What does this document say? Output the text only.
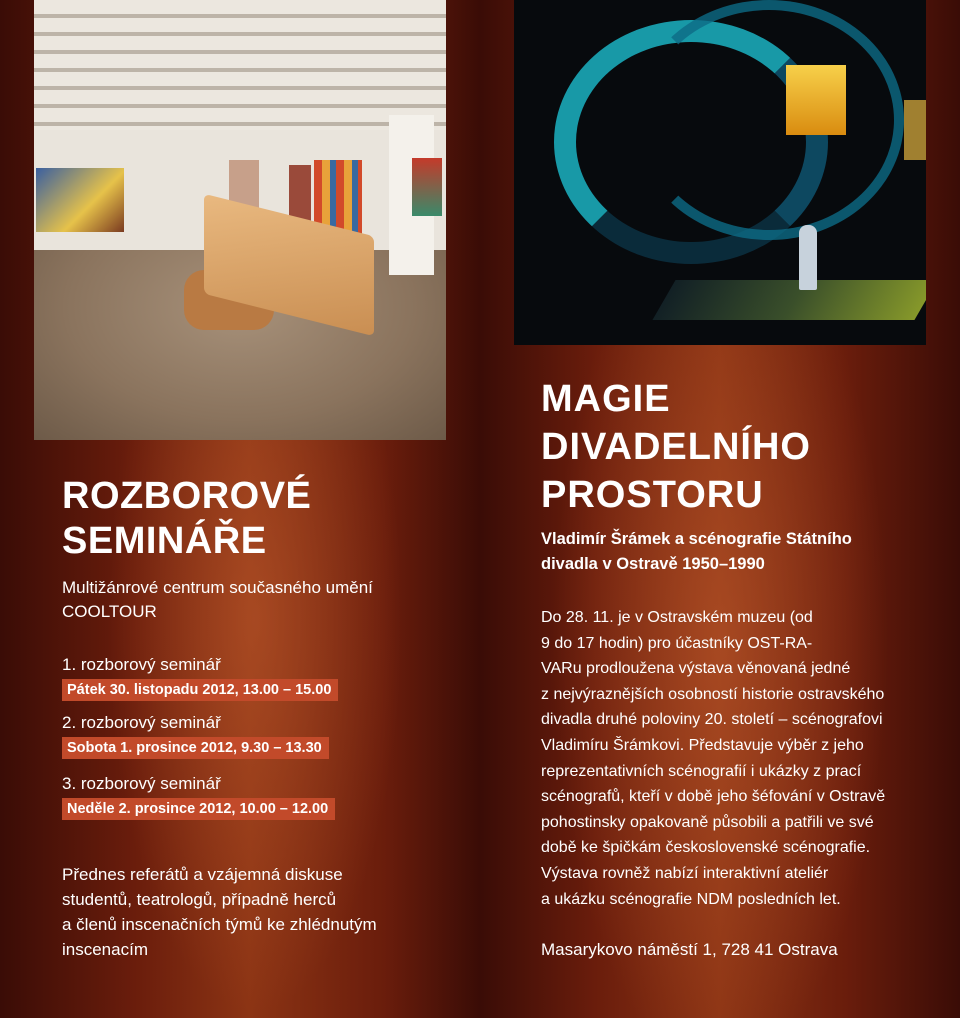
ROZBOROVÉ
SEMINÁŘE
Multižánrové centrum současného umění
COOLTOUR
1. rozborový seminář
Pátek 30. listopadu 2012, 13.00 – 15.00
2. rozborový seminář
Sobota 1. prosince 2012, 9.30 – 13.30
3. rozborový seminář
Neděle 2. prosince 2012, 10.00 – 12.00
Přednes referátů a vzájemná diskuse
studentů, teatrologů, případně herců
a členů inscenačních týmů ke zhlédnutým
inscenacím
MAGIE
DIVADELNÍHO
PROSTORU
Vladimír Šrámek a scénografie Státního
divadla v Ostravě 1950–1990
Do 28. 11. je v Ostravském muzeu (od
9 do 17 hodin) pro účastníky OST-RA-
VARu prodloužena výstava věnovaná jedné
z nejvýraznějších osobností historie ostravského
divadla druhé poloviny 20. století – scénografovi
Vladimíru Šrámkovi. Představuje výběr z jeho
reprezentativních scénografií i ukázky z prací
scénografů, kteří v době jeho šéfování v Ostravě
pohostinsky opakovaně působili a patřili ve své
době ke špičkám československé scénografie.
Výstava rovněž nabízí interaktivní ateliér
a ukázku scénografie NDM posledních let.
Masarykovo náměstí 1, 728 41 Ostrava
